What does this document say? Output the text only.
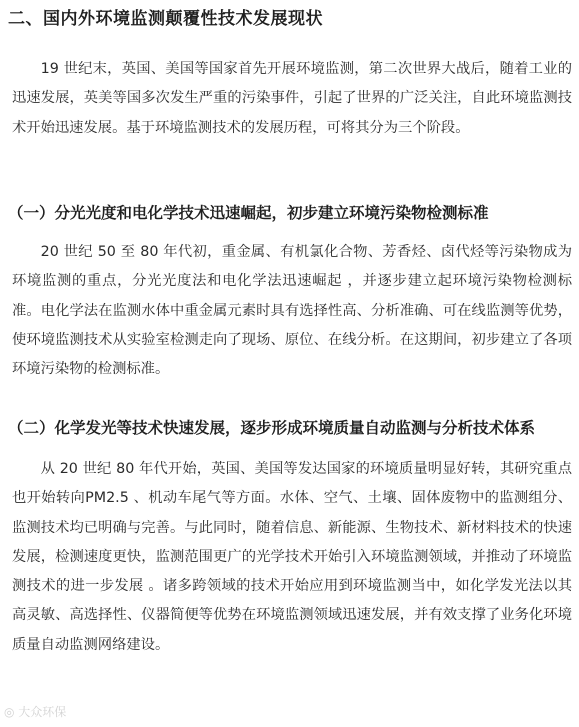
二、国内外环境监测颠覆性技术发展现状

19 世纪末，英国、美国等国家首先开展环境监测，第二次世界大战后，随着工业的迅速发展，英美等国多次发生严重的污染事件，引起了世界的广泛关注，自此环境监测技术开始迅速发展。基于环境监测技术的发展历程，可将其分为三个阶段。

（一）分光光度和电化学技术迅速崛起，初步建立环境污染物检测标准

20 世纪 50 至 80 年代初，重金属、有机氯化合物、芳香烃、卤代烃等污染物成为环境监测的重点，分光光度法和电化学法迅速崛起 ，并逐步建立起环境污染物检测标准。电化学法在监测水体中重金属元素时具有选择性高、分析准确、可在线监测等优势，使环境监测技术从实验室检测走向了现场、原位、在线分析。在这期间，初步建立了各项环境污染物的检测标准。

（二）化学发光等技术快速发展，逐步形成环境质量自动监测与分析技术体系

从 20 世纪 80 年代开始，英国、美国等发达国家的环境质量明显好转，其研究重点也开始转向PM2.5 、机动车尾气等方面。水体、空气、土壤、固体废物中的监测组分、监测技术均已明确与完善。与此同时，随着信息、新能源、生物技术、新材料技术的快速发展，检测速度更快，监测范围更广的光学技术开始引入环境监测领域，并推动了环境监测技术的进一步发展 。诸多跨领域的技术开始应用到环境监测当中，如化学发光法以其高灵敏、高选择性、仪器简便等优势在环境监测领域迅速发展，并有效支撑了业务化环境质量自动监测网络建设。

◎ 大众环保
